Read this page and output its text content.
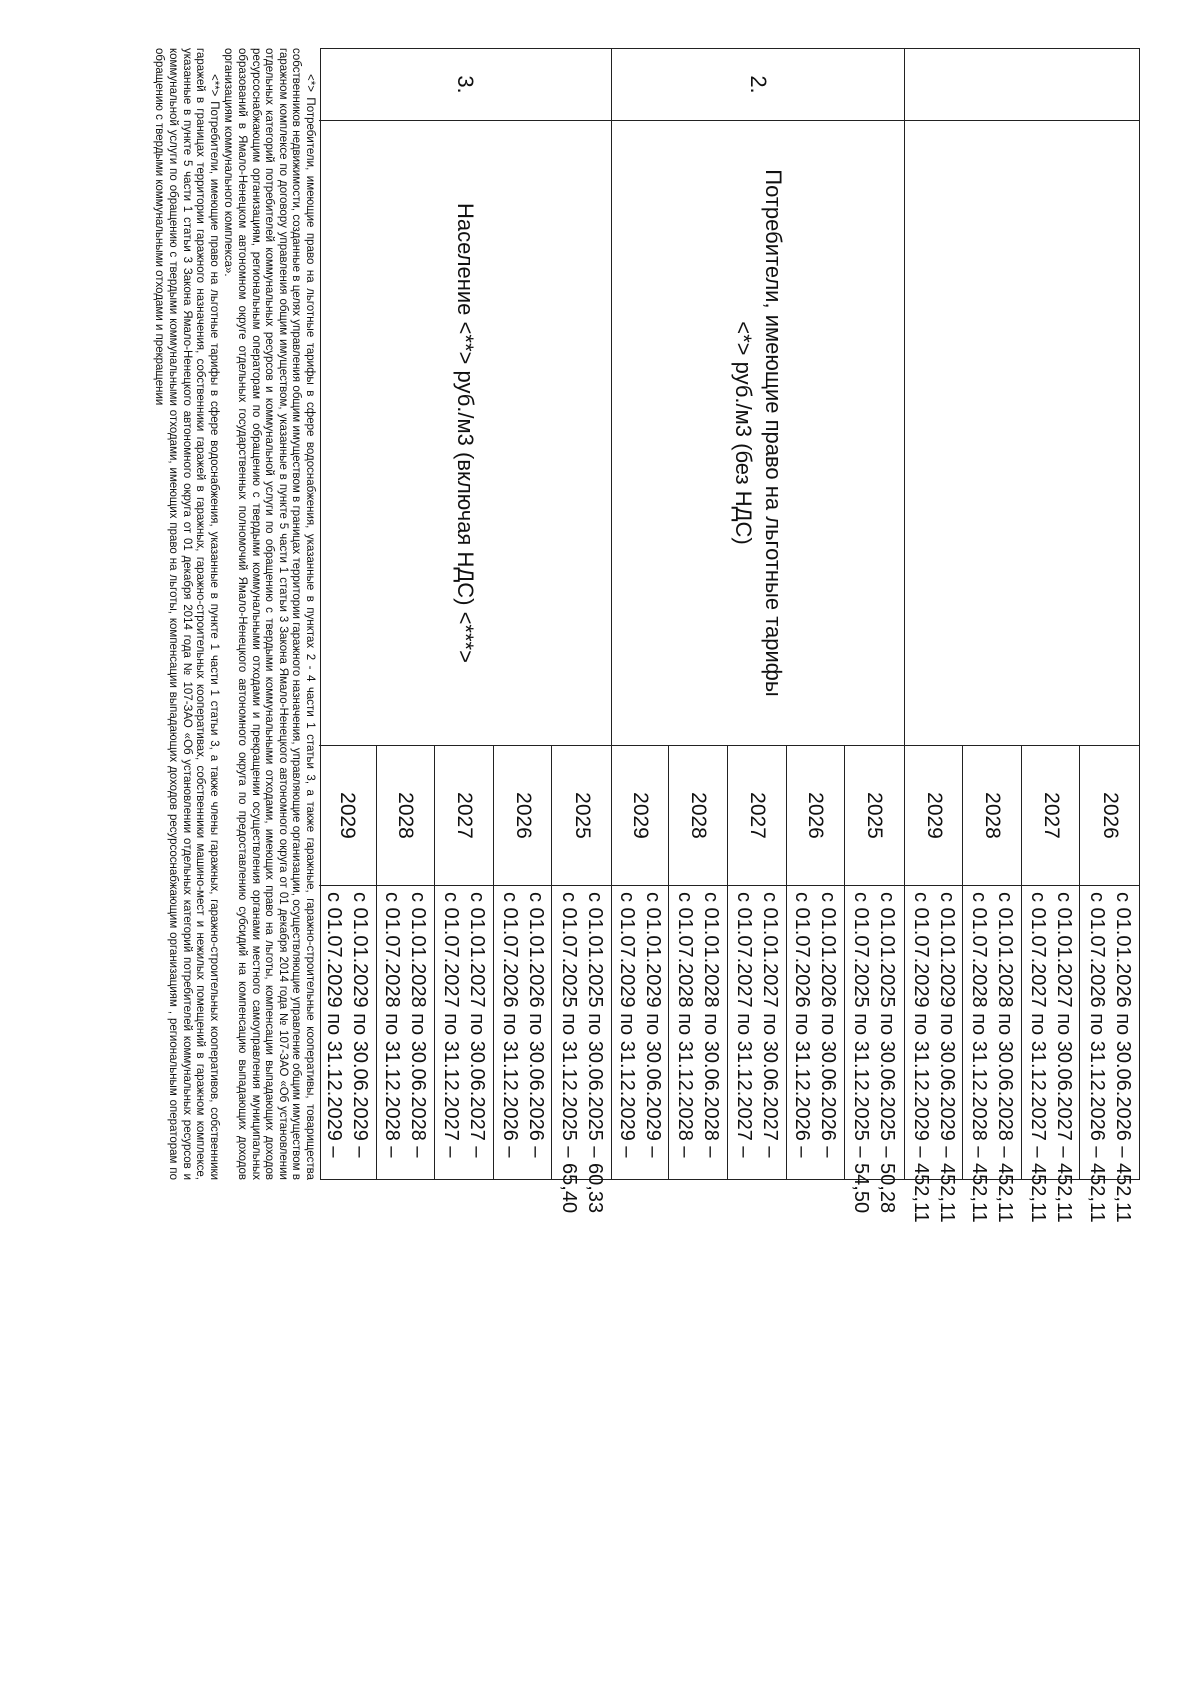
2026
2027
2028
2029
с 01.01.2026 по 30.06.2026 – 452,11
с 01.07.2026 по 31.12.2026 – 452,11
с 01.01.2027 по 30.06.2027 – 452,11
с 01.07.2027 по 31.12.2027 – 452,11
с 01.01.2028 по 30.06.2028 – 452,11
с 01.07.2028 по 31.12.2028 – 452,11
с 01.01.2029 по 30.06.2029 – 452,11
с 01.07.2029 по 31.12.2029 – 452,11
2.
Потребители, имеющие право на льготные тарифы <*> руб./м3 (без НДС)
2025
2026
2027
2028
2029
с 01.01.2025 по 30.06.2025 – 50,28
с 01.07.2025 по 31.12.2025 – 54,50
с 01.01.2026 по 30.06.2026 –
с 01.07.2026 по 31.12.2026 –
с 01.01.2027 по 30.06.2027 –
с 01.07.2027 по 31.12.2027 –
с 01.01.2028 по 30.06.2028 –
с 01.07.2028 по 31.12.2028 –
с 01.01.2029 по 30.06.2029 –
с 01.07.2029 по 31.12.2029 –
3.
Население <**> руб./м3 (включая НДС) <***>
2025
2026
2027
2028
2029
с 01.01.2025 по 30.06.2025 – 60,33
с 01.07.2025 по 31.12.2025 – 65,40
с 01.01.2026 по 30.06.2026 –
с 01.07.2026 по 31.12.2026 –
с 01.01.2027 по 30.06.2027 –
с 01.07.2027 по 31.12.2027 –
с 01.01.2028 по 30.06.2028 –
с 01.07.2028 по 31.12.2028 –
с 01.01.2029 по 30.06.2029 –
с 01.07.2029 по 31.12.2029 –

<*> Потребители, имеющие право на льготные тарифы в сфере водоснабжения, указанные в пунктах 2 - 4 части 1 статьи 3, а также гаражные, гаражно-строительные кооперативы, товарищества собственников недвижимости, созданные в целях управления общим имуществом в границах территории гаражного назначения, управляющие организации, осуществляющие управление общим имуществом в гаражном комплексе по договору управления общим имуществом, указанные в пункте 5 части 1 статьи 3 Закона Ямало-Ненецкого автономного округа от 01 декабря 2014 года № 107-ЗАО «Об установлении отдельных категорий потребителей коммунальных ресурсов и коммунальной услуги по обращению с твердыми коммунальными отходами, имеющих право на льготы, компенсации выпадающих доходов ресурсоснабжающим организациям, региональным операторам по обращению с твердыми коммунальными отходами и прекращении осуществления органами местного самоуправления муниципальных образований в Ямало-Ненецком автономном округе отдельных государственных полномочий Ямало-Ненецкого автономного округа по предоставлению субсидий на компенсацию выпадающих доходов организациям коммунального комплекса».

<**> Потребители, имеющие право на льготные тарифы в сфере водоснабжения, указанные в пункте 1 части 1 статьи 3, а также члены гаражных, гаражно-строительных кооперативов, собственники гаражей в границах территории гаражного назначения, собственники гаражей в гаражных, гаражно-строительных кооперативах, собственники машино-мест и нежилых помещений в гаражном комплексе, указанные в пункте 5 части 1 статьи 3 Закона Ямало-Ненецкого автономного округа от 01 декабря 2014 года № 107-ЗАО «Об установлении отдельных категорий потребителей коммунальных ресурсов и коммунальной услуги по обращению с твердыми коммунальными отходами, имеющих право на льготы, компенсации выпадающих доходов ресурсоснабжающим организациям , региональным операторам по обращению с твердыми коммунальными отходами и прекращении
